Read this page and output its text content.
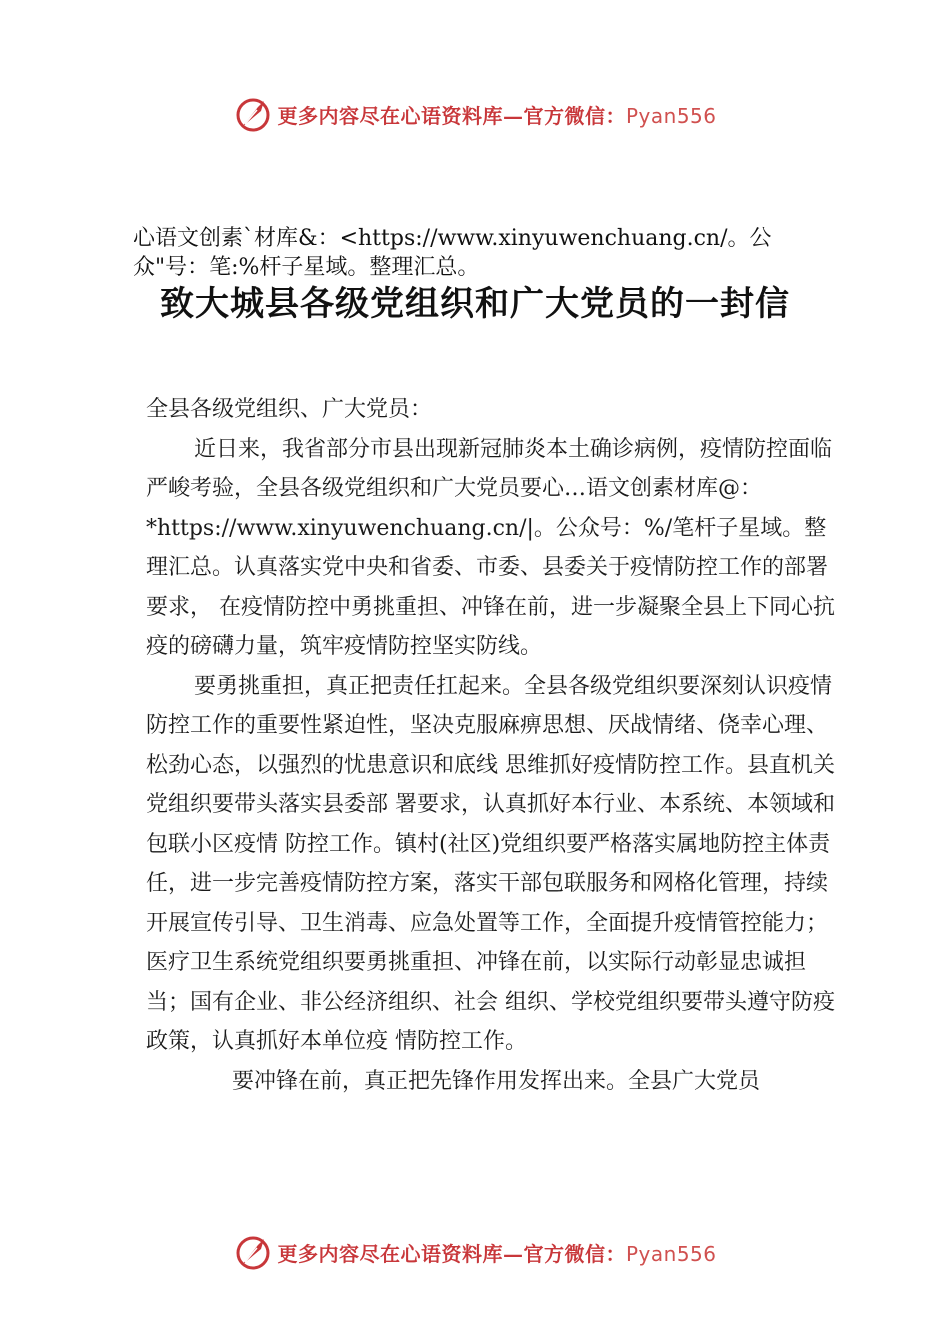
更多内容尽在心语资料库—官方微信：Pyan556
心语文创素`材库&：<https://www.xinyuwenchuang.cn/。公众"号：笔:%杆子星域。整理汇总。
致大城县各级党组织和广大党员的一封信

全县各级党组织、广大党员：

近日来，我省部分市县出现新冠肺炎本土确诊病例，疫情防控面临严峻考验，全县各级党组织和广大党员要心…语文创素材库@：*https://www.xinyuwenchuang.cn/|。公众号：%/笔杆子星域。整理汇总。认真落实党中央和省委、市委、县委关于疫情防控工作的部署要求， 在疫情防控中勇挑重担、冲锋在前，进一步凝聚全县上下同心抗疫的磅礴力量，筑牢疫情防控坚实防线。

要勇挑重担，真正把责任扛起来。全县各级党组织要深刻认识疫情防控工作的重要性紧迫性，坚决克服麻痹思想、厌战情绪、侥幸心理、松劲心态，以强烈的忧患意识和底线 思维抓好疫情防控工作。县直机关党组织要带头落实县委部 署要求，认真抓好本行业、本系统、本领域和包联小区疫情 防控工作。镇村(社区)党组织要严格落实属地防控主体责任，进一步完善疫情防控方案，落实干部包联服务和网格化管理，持续开展宣传引导、卫生消毒、应急处置等工作，全面提升疫情管控能力；医疗卫生系统党组织要勇挑重担、冲锋在前，以实际行动彰显忠诚担当；国有企业、非公经济组织、社会 组织、学校党组织要带头遵守防疫政策，认真抓好本单位疫 情防控工作。

要冲锋在前，真正把先锋作用发挥出来。全县广大党员

更多内容尽在心语资料库—官方微信：Pyan556
